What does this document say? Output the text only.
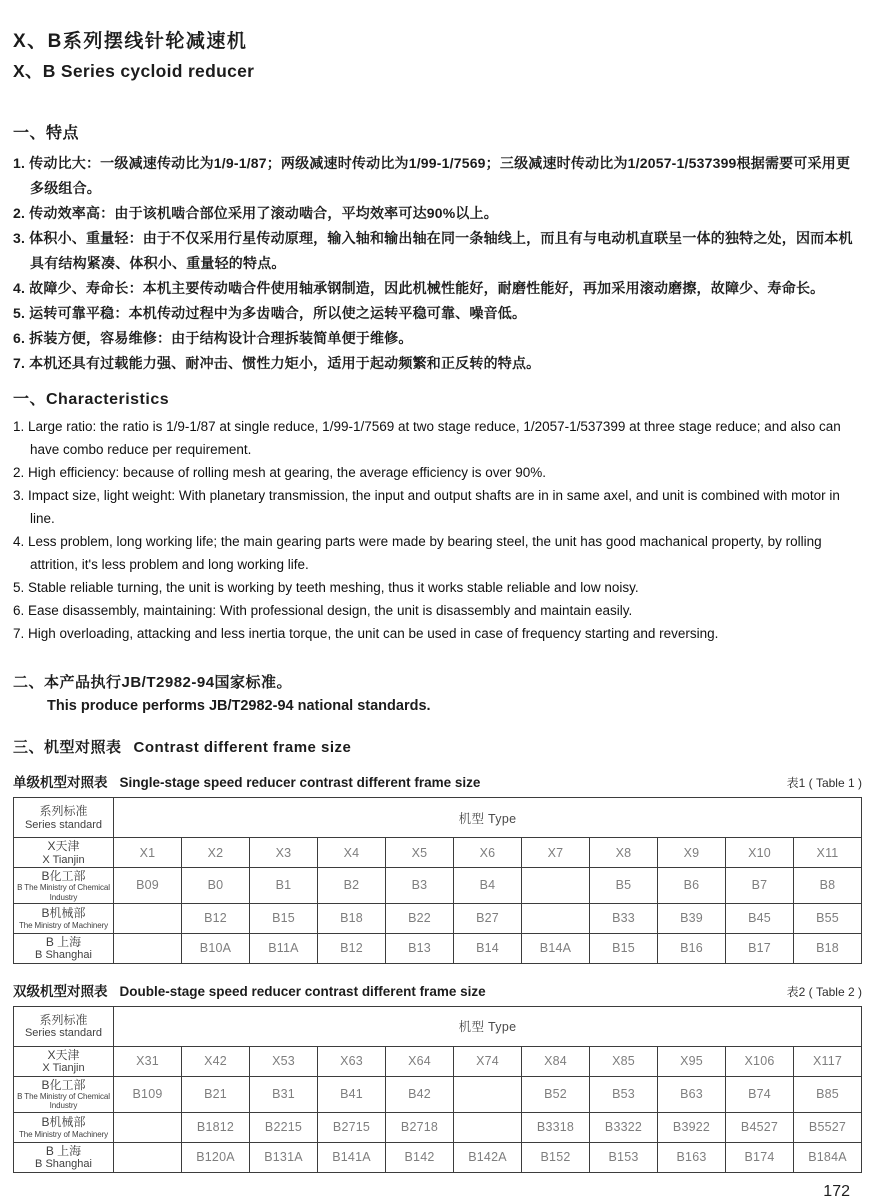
X、B系列摆线针轮减速机
X、B Series cycloid reducer
一、特点
1. 传动比大：一级减速传动比为1/9-1/87；两级减速时传动比为1/99-1/7569；三级减速时传动比为1/2057-1/537399根据需要可采用更多级组合。
2. 传动效率高：由于该机啮合部位采用了滚动啮合，平均效率可达90%以上。
3. 体积小、重量轻：由于不仅采用行星传动原理，输入轴和输出轴在同一条轴线上，而且有与电动机直联呈一体的独特之处，因而本机具有结构紧凑、体积小、重量轻的特点。
4. 故障少、寿命长：本机主要传动啮合件使用轴承钢制造，因此机械性能好，耐磨性能好，再加采用滚动磨擦，故障少、寿命长。
5. 运转可靠平稳：本机传动过程中为多齿啮合，所以使之运转平稳可靠、噪音低。
6. 拆装方便，容易维修：由于结构设计合理拆装简单便于维修。
7. 本机还具有过载能力强、耐冲击、惯性力矩小，适用于起动频繁和正反转的特点。
一、Characteristics
1. Large ratio: the ratio is 1/9-1/87 at single reduce, 1/99-1/7569 at two stage reduce, 1/2057-1/537399 at three stage reduce; and also can have combo reduce per requirement.
2. High efficiency: because of rolling mesh at gearing, the average efficiency is over 90%.
3. Impact size, light weight: With planetary transmission, the input and output shafts are in in same axel, and unit is combined with motor in line.
4. Less problem, long working life; the main gearing parts were made by bearing steel, the unit has good machanical property, by rolling attrition, it's less problem and long working life.
5. Stable reliable turning, the unit is working by teeth meshing, thus it works stable reliable and low noisy.
6. Ease disassembly, maintaining: With professional design, the unit is disassembly and maintain easily.
7. High overloading, attacking and less inertia torque, the unit can be used in case of frequency starting and reversing.
二、本产品执行JB/T2982-94国家标准。
This produce performs JB/T2982-94 national standards.
三、机型对照表 Contrast different frame size
单级机型对照表 Single-stage speed reducer contrast different frame size	表1 ( Table 1 )
系列标准
Series standard	机型 Type										

X天津
X Tianjin	X1	X2	X3	X4	X5	X6	X7	X8	X9	X10	X11

B化工部
B The Ministry of Chemical Industry	B09	B0	B1	B2	B3	B4		B5	B6	B7	B8

B机械部
The Ministry of Machinery		B12	B15	B18	B22	B27		B33	B39	B45	B55

B 上海
B Shanghai		B10A	B11A	B12	B13	B14	B14A	B15	B16	B17	B18
双级机型对照表 Double-stage speed reducer contrast different frame size	表2 ( Table 2 )
系列标准
Series standard	机型 Type										

X天津
X Tianjin	X31	X42	X53	X63	X64	X74	X84	X85	X95	X106	X117

B化工部
B The Ministry of Chemical Industry	B109	B21	B31	B41	B42		B52	B53	B63	B74	B85

B机械部
The Ministry of Machinery		B1812	B2215	B2715	B2718		B3318	B3322	B3922	B4527	B5527

B 上海
B Shanghai		B120A	B131A	B141A	B142	B142A	B152	B153	B163	B174	B184A
172
